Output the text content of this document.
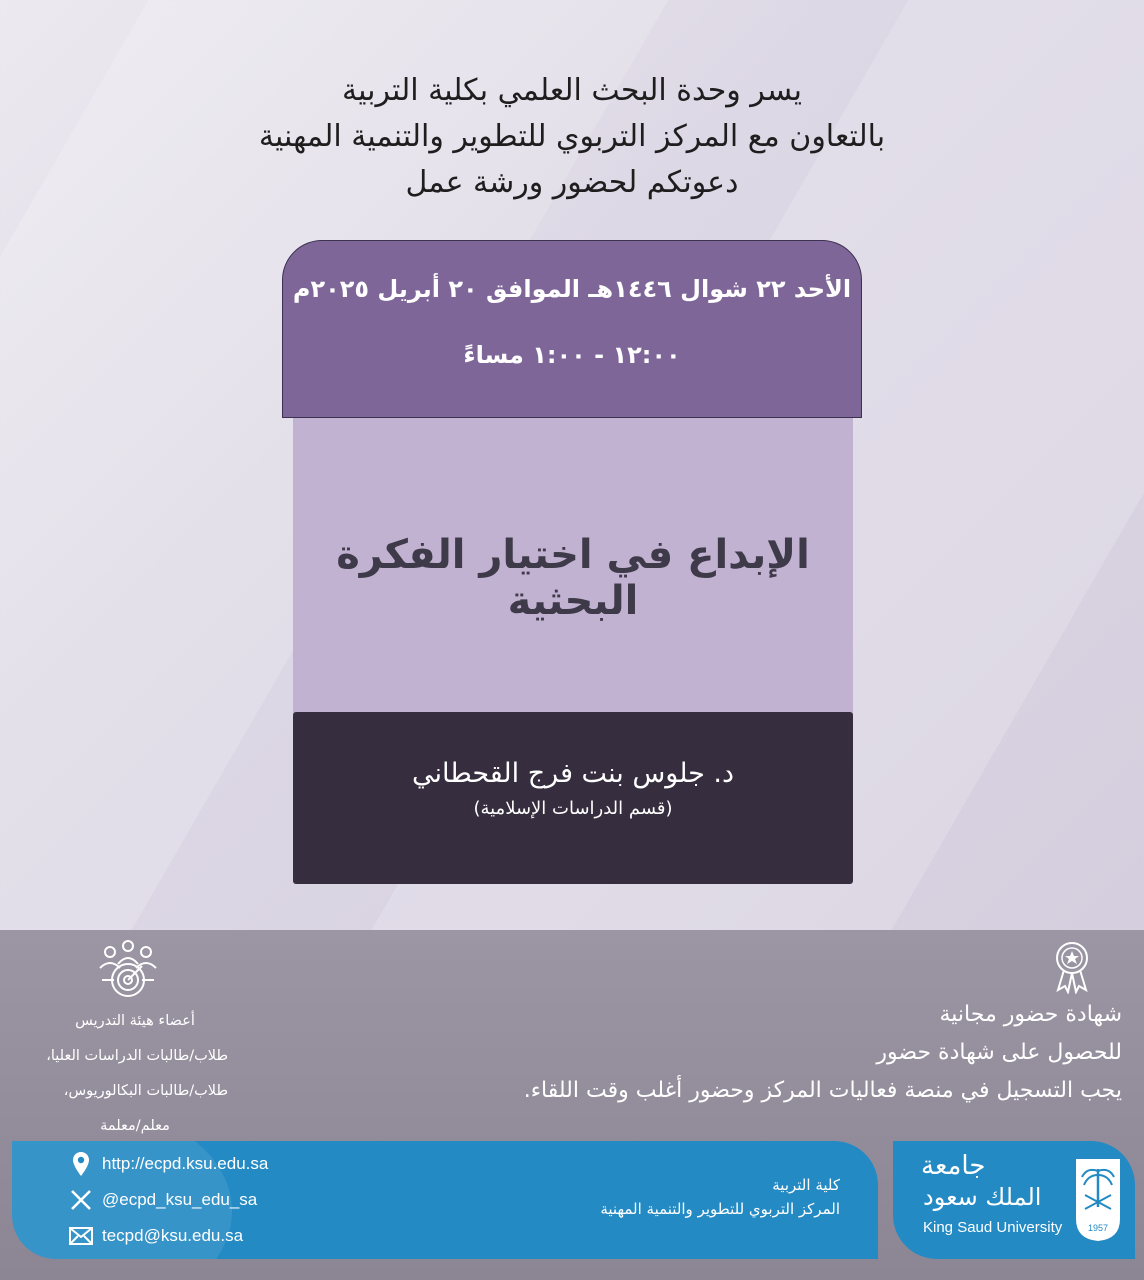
يسر وحدة البحث العلمي بكلية التربية
بالتعاون مع المركز التربوي للتطوير والتنمية المهنية
دعوتكم لحضور ورشة عمل
الأحد ٢٢ شوال ١٤٤٦هـ الموافق ٢٠ أبريل ٢٠٢٥م
١٢:٠٠ - ١:٠٠ مساءً
الإبداع في اختيار الفكرة البحثية
د. جلوس بنت فرج القحطاني
(قسم الدراسات الإسلامية)
شهادة حضور مجانية
للحصول على شهادة حضور
يجب التسجيل في منصة فعاليات المركز وحضور أغلب وقت اللقاء.
أعضاء هيئة التدريس
طلاب/طالبات الدراسات العليا،
طلاب/طالبات البكالوريوس،
معلم/معلمة
http://ecpd.ksu.edu.sa
@ecpd_ksu_edu_sa
tecpd@ksu.edu.sa
كلية التربية
المركز التربوي للتطوير والتنمية المهنية
جامعة
الملك سعود
King Saud University	1957
